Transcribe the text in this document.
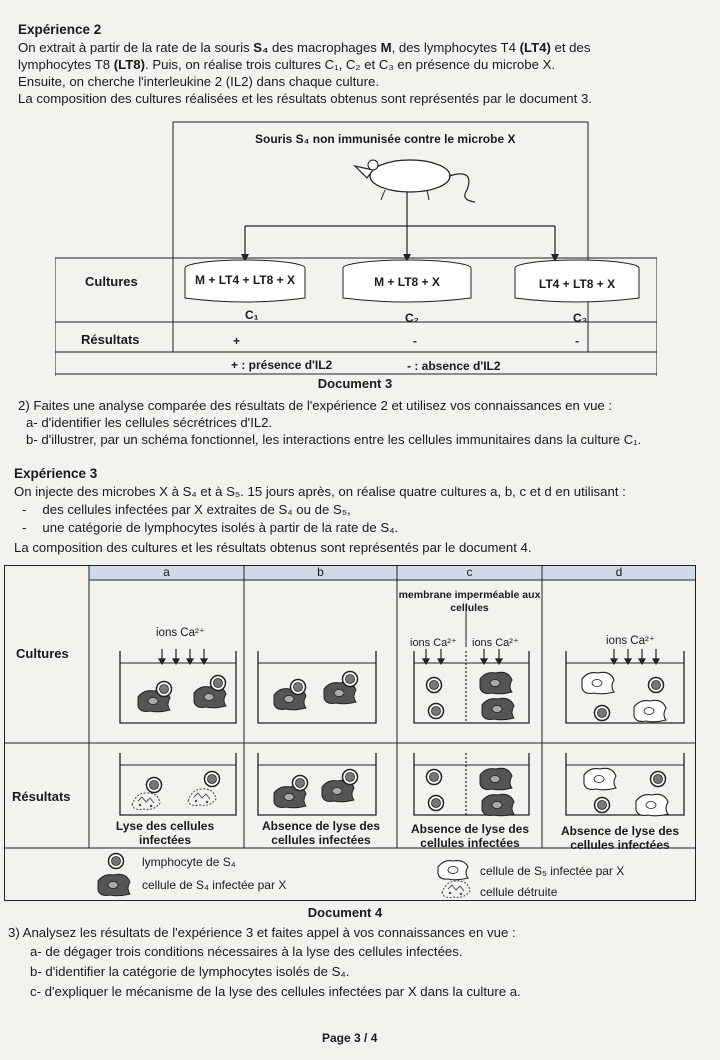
Expérience 2
On extrait à partir de la rate de la souris S₄ des macrophages M, des lymphocytes T4 (LT4) et des
lymphocytes T8 (LT8). Puis, on réalise trois cultures C₁, C₂ et C₃ en présence du microbe X.
Ensuite, on cherche l'interleukine 2 (IL2) dans chaque culture.
La composition des cultures réalisées et les résultats obtenus sont représentés par le document 3.
Souris S₄ non immunisée contre le microbe X
Cultures
Résultats
M + LT4 + LT8 + X	M + LT8 + X	LT4 + LT8 + X
C₁	C₂	C₃
+	-	-
+ : présence d'IL2	- : absence d'IL2
Document 3
2) Faites une analyse comparée des résultats de l'expérience 2 et utilisez vos connaissances en vue :
a- d'identifier les cellules sécrétrices d'IL2.
b- d'illustrer, par un schéma fonctionnel, les interactions entre les cellules immunitaires dans la culture C₁.
Expérience 3
On injecte des microbes X à S₄ et à S₅. 15 jours après, on réalise quatre cultures a, b, c et d en utilisant :
- des cellules infectées par X extraites de S₄ ou de S₅,
- une catégorie de lymphocytes isolés à partir de la rate de S₄.
La composition des cultures et les résultats obtenus sont représentés par le document 4.
a	b	c	d
Cultures
Résultats
ions Ca²⁺
ions Ca²⁺ ions Ca²⁺	ions Ca²⁺
membrane imperméable aux cellules
Lyse des cellules infectées
Absence de lyse des cellules infectées
Absence de lyse des cellules infectées
Absence de lyse des cellules infectées
lymphocyte de S₄
cellule de S₄ infectée par X
cellule de S₅ infectée par X
cellule détruite
Document 4
3) Analysez les résultats de l'expérience 3 et faites appel à vos connaissances en vue :
a- de dégager trois conditions nécessaires à la lyse des cellules infectées.
b- d'identifier la catégorie de lymphocytes isolés de S₄.
c- d'expliquer le mécanisme de la lyse des cellules infectées par X dans la culture a.
Page 3 / 4
